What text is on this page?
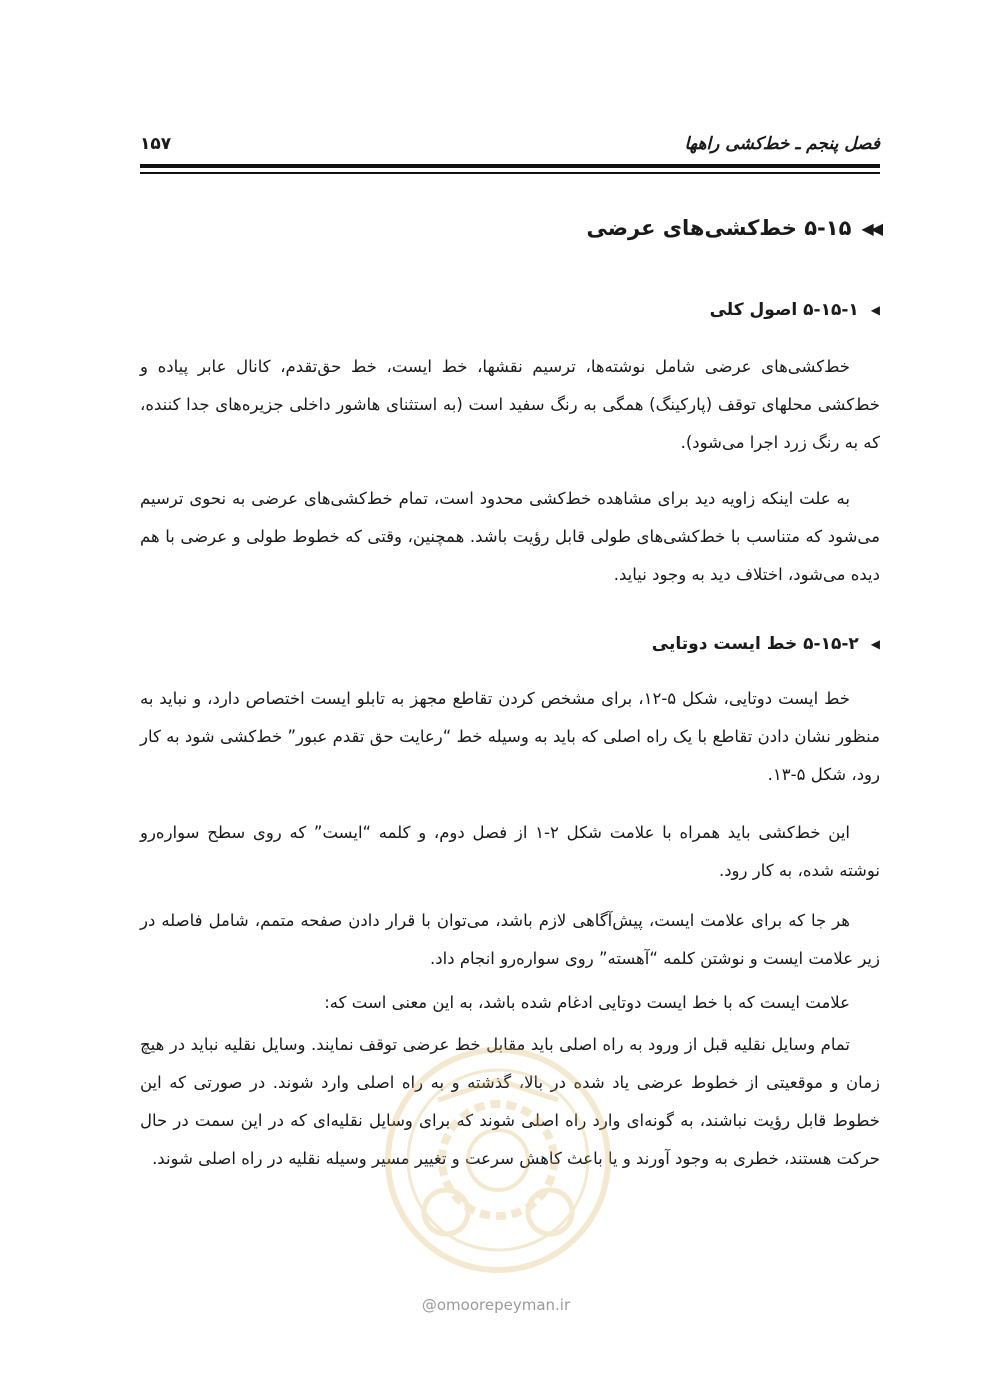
فصل پنجم ـ خط‌کشی راهها
۱۵۷
◀◀
۵-۱۵ خط‌کشی‌های عرضی
◀
۵-۱۵-۱ اصول کلی
خط‌کشی‌های عرضی شامل نوشته‌ها، ترسیم نقشها، خط ایست، خط حق‌تقدم، کانال عابر پیاده و خط‌کشی محلهای توقف (پارکینگ) همگی به رنگ سفید است (به استثنای هاشور داخلی جزیره‌های جدا کننده، که به رنگ زرد اجرا می‌شود).
به علت اینکه زاویه دید برای مشاهده خط‌کشی محدود است، تمام خط‌کشی‌های عرضی به نحوی ترسیم می‌شود که متناسب با خط‌کشی‌های طولی قابل رؤیت باشد. همچنین، وقتی که خطوط طولی و عرضی با هم دیده می‌شود، اختلاف دید به وجود نیاید.
◀
۵-۱۵-۲ خط ایست دوتایی
خط ایست دوتایی، شکل ۵-۱۲، برای مشخص کردن تقاطع مجهز به تابلو ایست اختصاص دارد، و نباید به منظور نشان دادن تقاطع با یک راه اصلی که باید به وسیله خط “رعایت حق تقدم عبور” خط‌کشی شود به کار رود، شکل ۵-۱۳.
این خط‌کشی باید همراه با علامت شکل ۲-۱ از فصل دوم، و کلمه “ایست” که روی سطح سواره‌رو نوشته شده، به کار رود.
هر جا که برای علامت ایست، پیش‌آگاهی لازم باشد، می‌توان با قرار دادن صفحه متمم، شامل فاصله در زیر علامت ایست و نوشتن کلمه “آهسته” روی سواره‌رو انجام داد.
علامت ایست که با خط ایست دوتایی ادغام شده باشد، به این معنی است که:
تمام وسایل نقلیه قبل از ورود به راه اصلی باید مقابل خط عرضی توقف نمایند. وسایل نقلیه نباید در هیچ زمان و موقعیتی از خطوط عرضی یاد شده در بالا، گذشته و به راه اصلی وارد شوند. در صورتی که این خطوط قابل رؤیت نباشند، به گونه‌ای وارد راه اصلی شوند که برای وسایل نقلیه‌ای که در این سمت در حال حرکت هستند، خطری به وجود آورند و یا باعث کاهش سرعت و تغییر مسیر وسیله نقلیه در راه اصلی شوند.
@omoorepeyman.ir
